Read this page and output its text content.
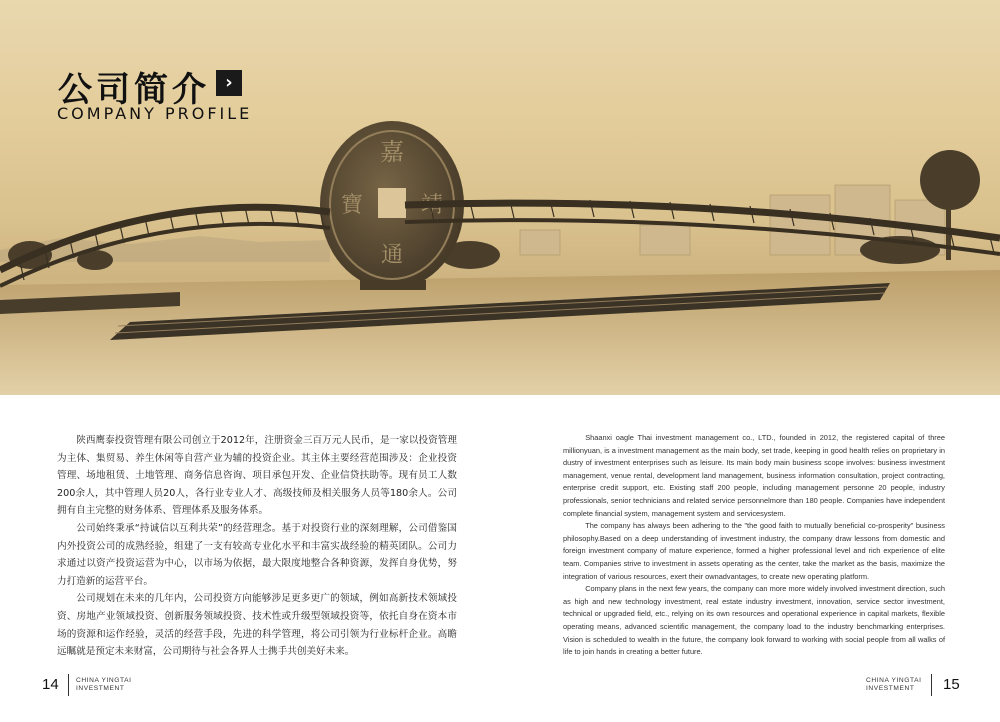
嘉
靖
寶
通
公司简介 ›
COMPANY PROFILE

陕西鹰泰投资管理有限公司创立于2012年，注册资金三百万元人民币，是一家以投资管理为主体、集贸易、养生休闲等自营产业为辅的投资企业。其主体主要经营范围涉及：企业投资管理、场地租赁、土地管理、商务信息咨询、项目承包开发、企业信贷扶助等。现有员工人数200余人，其中管理人员20人，各行业专业人才、高级技师及相关服务人员等180余人。公司拥有自主完整的财务体系、管理体系及服务体系。

公司始终秉承“持诚信以互利共荣”的经营理念。基于对投资行业的深刻理解，公司借鉴国内外投资公司的成熟经验，组建了一支有较高专业化水平和丰富实战经验的精英团队。公司力求通过以资产投资运营为中心，以市场为依据，最大限度地整合各种资源，发挥自身优势，努力打造新的运营平台。

公司规划在未来的几年内，公司投资方向能够涉足更多更广的领域，例如高新技术领域投资、房地产业领域投资、创新服务领域投资、技术性或升级型领域投资等，依托自身在资本市场的资源和运作经验，灵活的经营手段，先进的科学管理，将公司引领为行业标杆企业。高瞻远瞩就是预定未来财富，公司期待与社会各界人士携手共创美好未来。

Shaanxi oagle Thai investment management co., LTD., founded in 2012, the registered capital of three millionyuan, is a investment management as the main body, set trade, keeping in good health relies on proprietary in dustry of investment enterprises such as leisure. Its main body main business scope involves: business investment management, venue rental, development land management, business information consultation, project contracting, enterprise credit support, etc. Existing staff 200 people, including management personne 20 people, industry professionals, senior technicians and related service personnelmore than 180 people. Companies have independent complete financial system, management system and servicesystem.

The company has always been adhering to the "the good faith to mutually beneficial co-prosperity" business philosophy.Based on a deep understanding of investment industry, the company draw lessons from domestic and foreign investment company of mature experience, formed a higher professional level and rich experience of elite team. Companies strive to investment in assets operating as the center, take the market as the basis, maximize the integration of various resources, exert their ownadvantages, to create new operating platform.

Company plans in the next few years, the company can more more widely involved investment direction, such as high and new technology investment, real estate industry investment, innovation, service sector investment, technical or upgraded field, etc., relying on its own resources and operational experience in capital markets, flexible operating means, advanced scientific management, the company load to the industry benchmarking enterprises. Vision is scheduled to wealth in the future, the company look forward to working with social people from all walks of life to join hands in creating a better future.

14	CHINA YINGTAI
INVESTMENT
CHINA YINGTAI
INVESTMENT	15
